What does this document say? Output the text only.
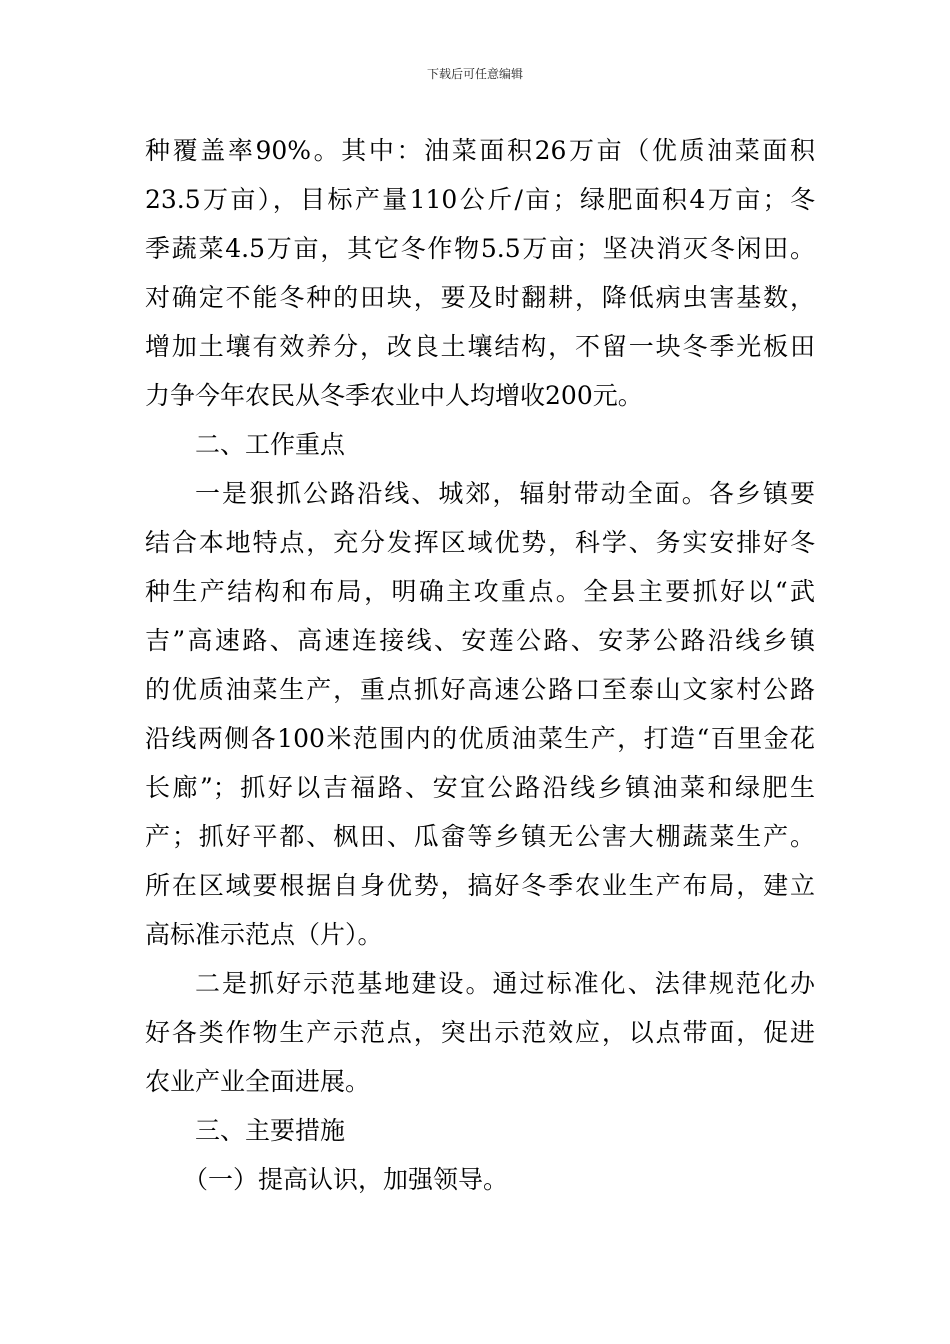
下载后可任意编辑
种覆盖率90%。其中：油菜面积26万亩（优质油菜面积
23.5万亩），目标产量110公斤/亩；绿肥面积4万亩；冬
季蔬菜4.5万亩，其它冬作物5.5万亩；坚决消灭冬闲田。
对确定不能冬种的田块，要及时翻耕，降低病虫害基数，
增加土壤有效养分，改良土壤结构，不留一块冬季光板田
力争今年农民从冬季农业中人均增收200元。
二、工作重点
一是狠抓公路沿线、城郊，辐射带动全面。各乡镇要
结合本地特点，充分发挥区域优势，科学、务实安排好冬
种生产结构和布局，明确主攻重点。全县主要抓好以“武
吉”高速路、高速连接线、安莲公路、安茅公路沿线乡镇
的优质油菜生产，重点抓好高速公路口至泰山文家村公路
沿线两侧各100米范围内的优质油菜生产，打造“百里金花
长廊”；抓好以吉福路、安宜公路沿线乡镇油菜和绿肥生
产；抓好平都、枫田、瓜畲等乡镇无公害大棚蔬菜生产。
所在区域要根据自身优势，搞好冬季农业生产布局，建立
高标准示范点（片）。
二是抓好示范基地建设。通过标准化、法律规范化办
好各类作物生产示范点，突出示范效应，以点带面，促进
农业产业全面进展。
三、主要措施
（一）提高认识，加强领导。
